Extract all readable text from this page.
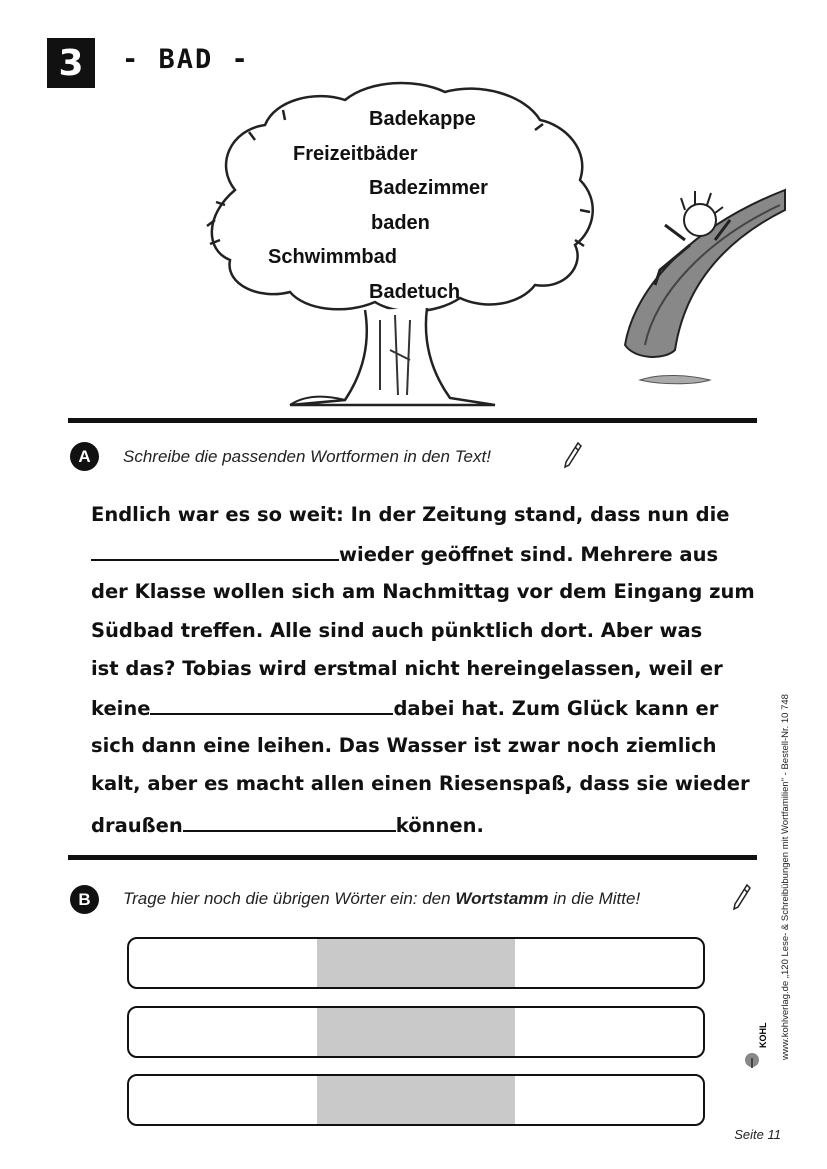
3	- BAD -
Badekappe
Freizeitbäder
Badezimmer
baden
Schwimmbad
Badetuch
A	Schreibe die passenden Wortformen in den Text!
Endlich war es so weit: In der Zeitung stand, dass nun die
wieder geöffnet sind. Mehrere aus
der Klasse wollen sich am Nachmittag vor dem Eingang zum
Südbad treffen. Alle sind auch pünktlich dort. Aber was
ist das? Tobias wird erstmal nicht hereingelassen, weil er
keine	dabei hat. Zum Glück kann er
sich dann eine leihen. Das Wasser ist zwar noch ziemlich
kalt, aber es macht allen einen Riesenspaß, dass sie wieder
draußen	können.
B	Trage hier noch die übrigen Wörter ein: den Wortstamm in die Mitte!	www.kohlverlag.de „120 Lese- & Schreibübungen mit Wortfamilien" - Bestell-Nr. 10 748
KOHL
Seite 11
